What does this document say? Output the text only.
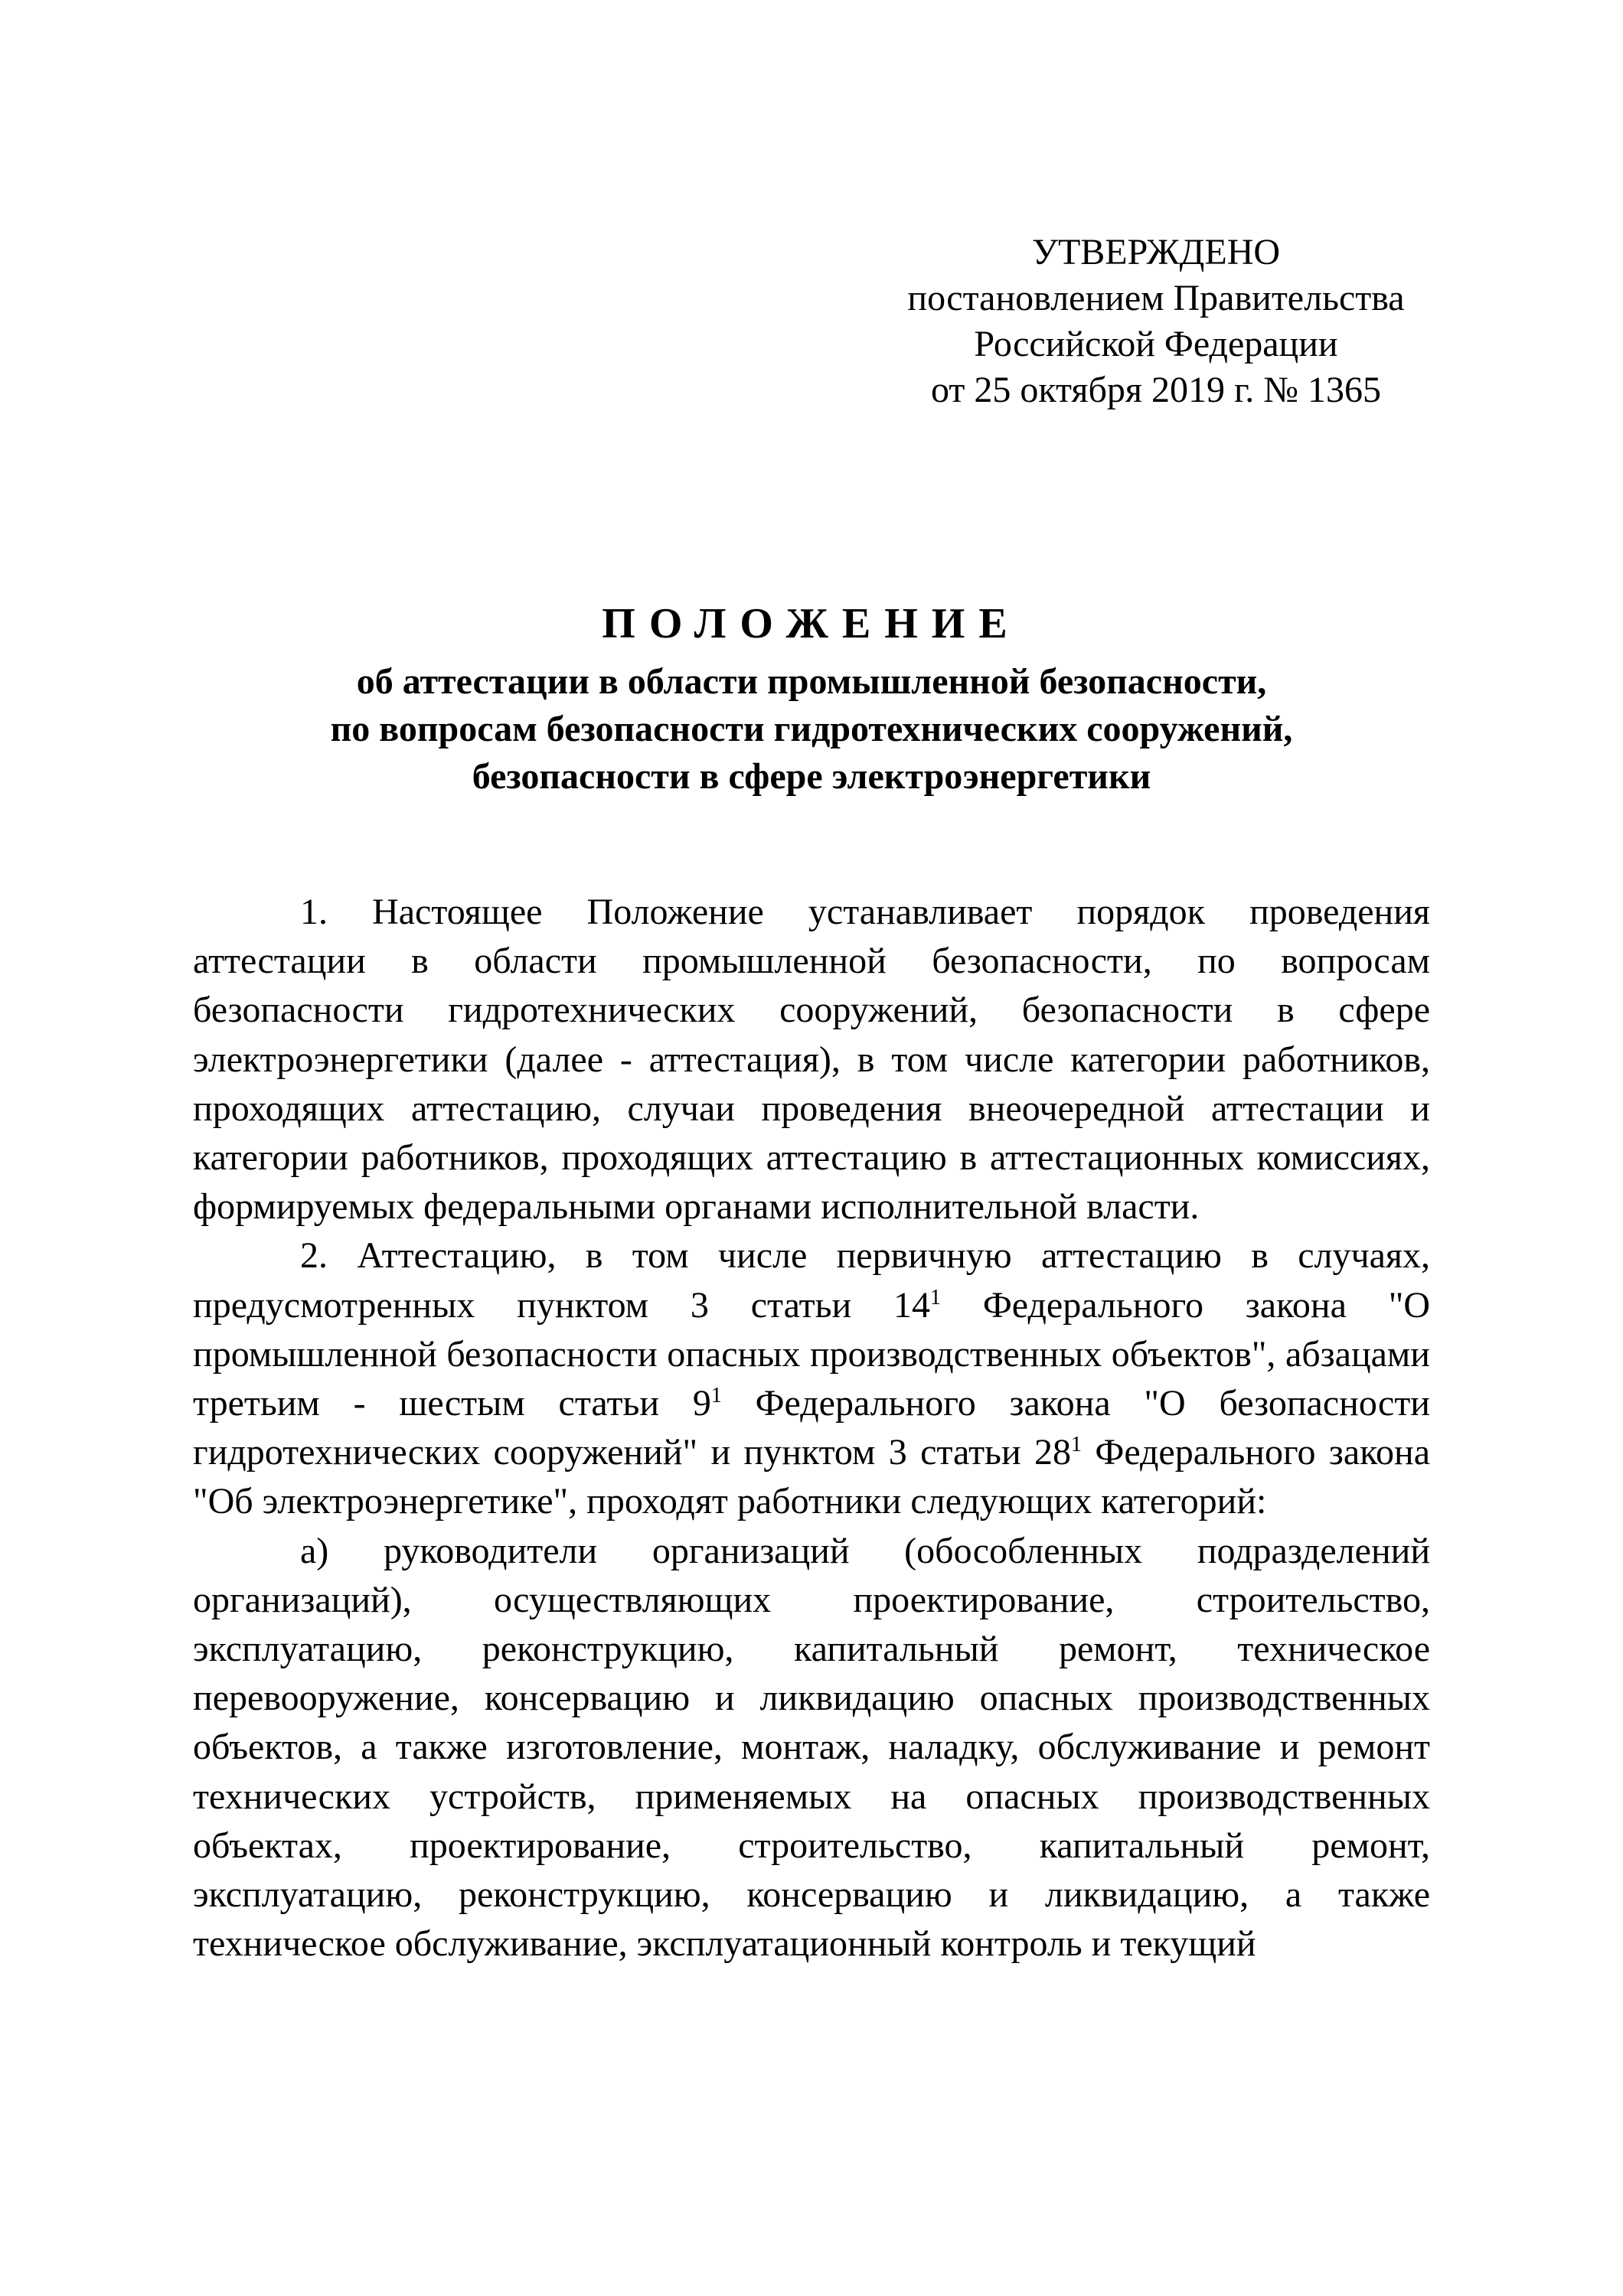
УТВЕРЖДЕНО
постановлением Правительства
Российской Федерации
от 25 октября 2019 г. № 1365
ПОЛОЖЕНИЕ
об аттестации в области промышленной безопасности,
по вопросам безопасности гидротехнических сооружений,
безопасности в сфере электроэнергетики

1. Настоящее Положение устанавливает порядок проведения аттестации в области промышленной безопасности, по вопросам безопасности гидротехнических сооружений, безопасности в сфере электроэнергетики (далее - аттестация), в том числе категории работников, проходящих аттестацию, случаи проведения внеочередной аттестации и категории работников, проходящих аттестацию в аттестационных комиссиях, формируемых федеральными органами исполнительной власти.

2. Аттестацию, в том числе первичную аттестацию в случаях, предусмотренных пунктом 3 статьи $14^1$ Федерального закона "О промышленной безопасности опасных производственных объектов", абзацами третьим - шестым статьи $9^1$ Федерального закона "О безопасности гидротехнических сооружений" и пунктом 3 статьи $28^1$ Федерального закона "Об электроэнергетике", проходят работники следующих категорий:

а) руководители организаций (обособленных подразделений организаций), осуществляющих проектирование, строительство, эксплуатацию, реконструкцию, капитальный ремонт, техническое перевооружение, консервацию и ликвидацию опасных производственных объектов, а также изготовление, монтаж, наладку, обслуживание и ремонт технических устройств, применяемых на опасных производственных объектах, проектирование, строительство, капитальный ремонт, эксплуатацию, реконструкцию, консервацию и ликвидацию, а также техническое обслуживание, эксплуатационный контроль и текущий
